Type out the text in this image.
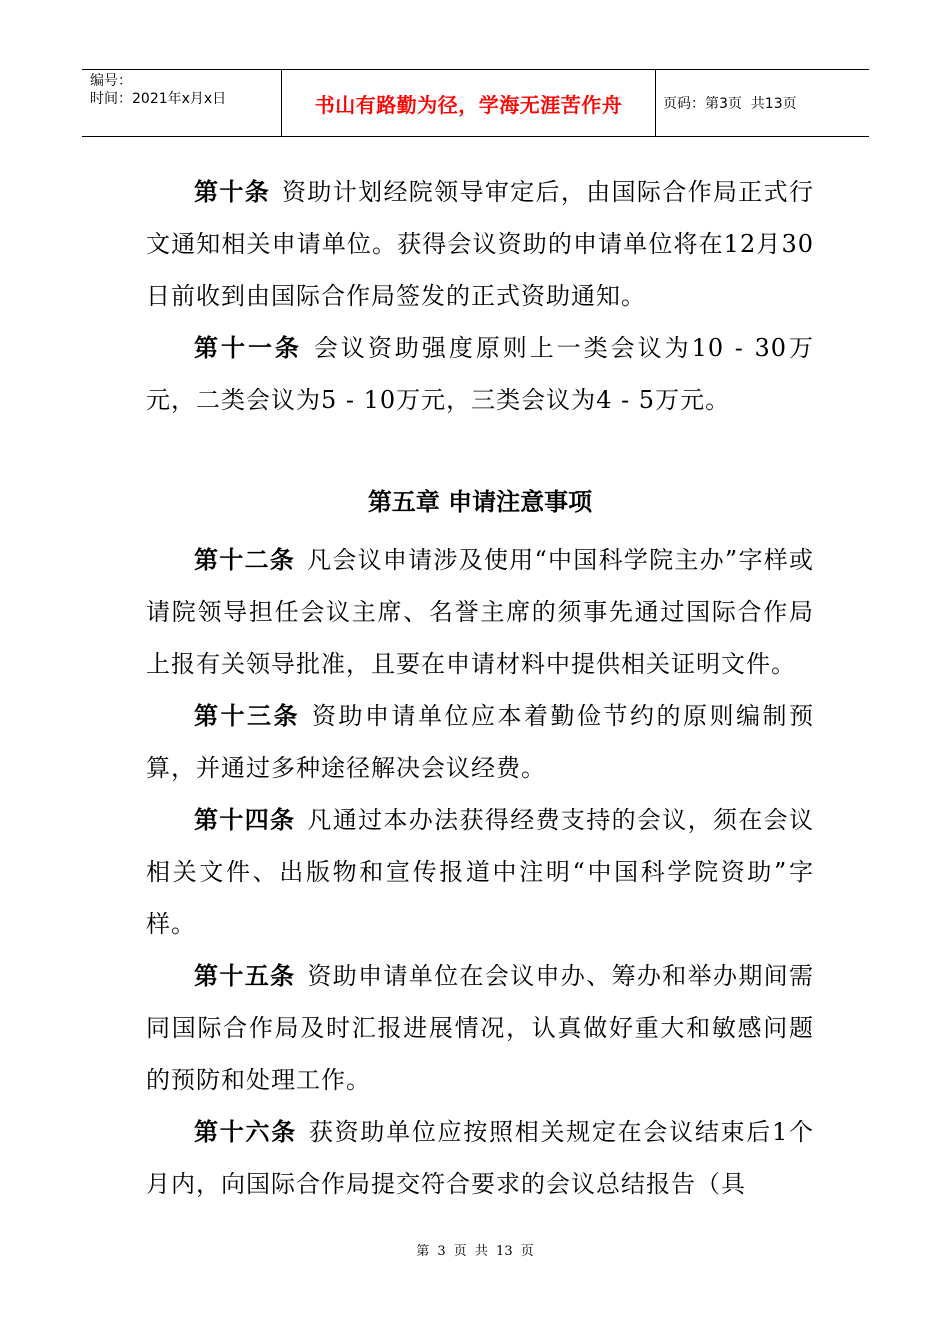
编号：
时间：2021年x月x日	书山有路勤为径，学海无涯苦作舟	页码：第3页  共13页

第十条 资助计划经院领导审定后，由国际合作局正式行文通知相关申请单位。获得会议资助的申请单位将在12月30日前收到由国际合作局签发的正式资助通知。

第十一条 会议资助强度原则上一类会议为10 - 30万元，二类会议为5 - 10万元，三类会议为4 - 5万元。

第五章 申请注意事项

第十二条 凡会议申请涉及使用“中国科学院主办”字样或请院领导担任会议主席、名誉主席的须事先通过国际合作局上报有关领导批准，且要在申请材料中提供相关证明文件。

第十三条 资助申请单位应本着勤俭节约的原则编制预算，并通过多种途径解决会议经费。

第十四条 凡通过本办法获得经费支持的会议，须在会议相关文件、出版物和宣传报道中注明“中国科学院资助”字样。

第十五条 资助申请单位在会议申办、筹办和举办期间需同国际合作局及时汇报进展情况，认真做好重大和敏感问题的预防和处理工作。

第十六条 获资助单位应按照相关规定在会议结束后1个月内，向国际合作局提交符合要求的会议总结报告（具

第 3 页 共 13 页
